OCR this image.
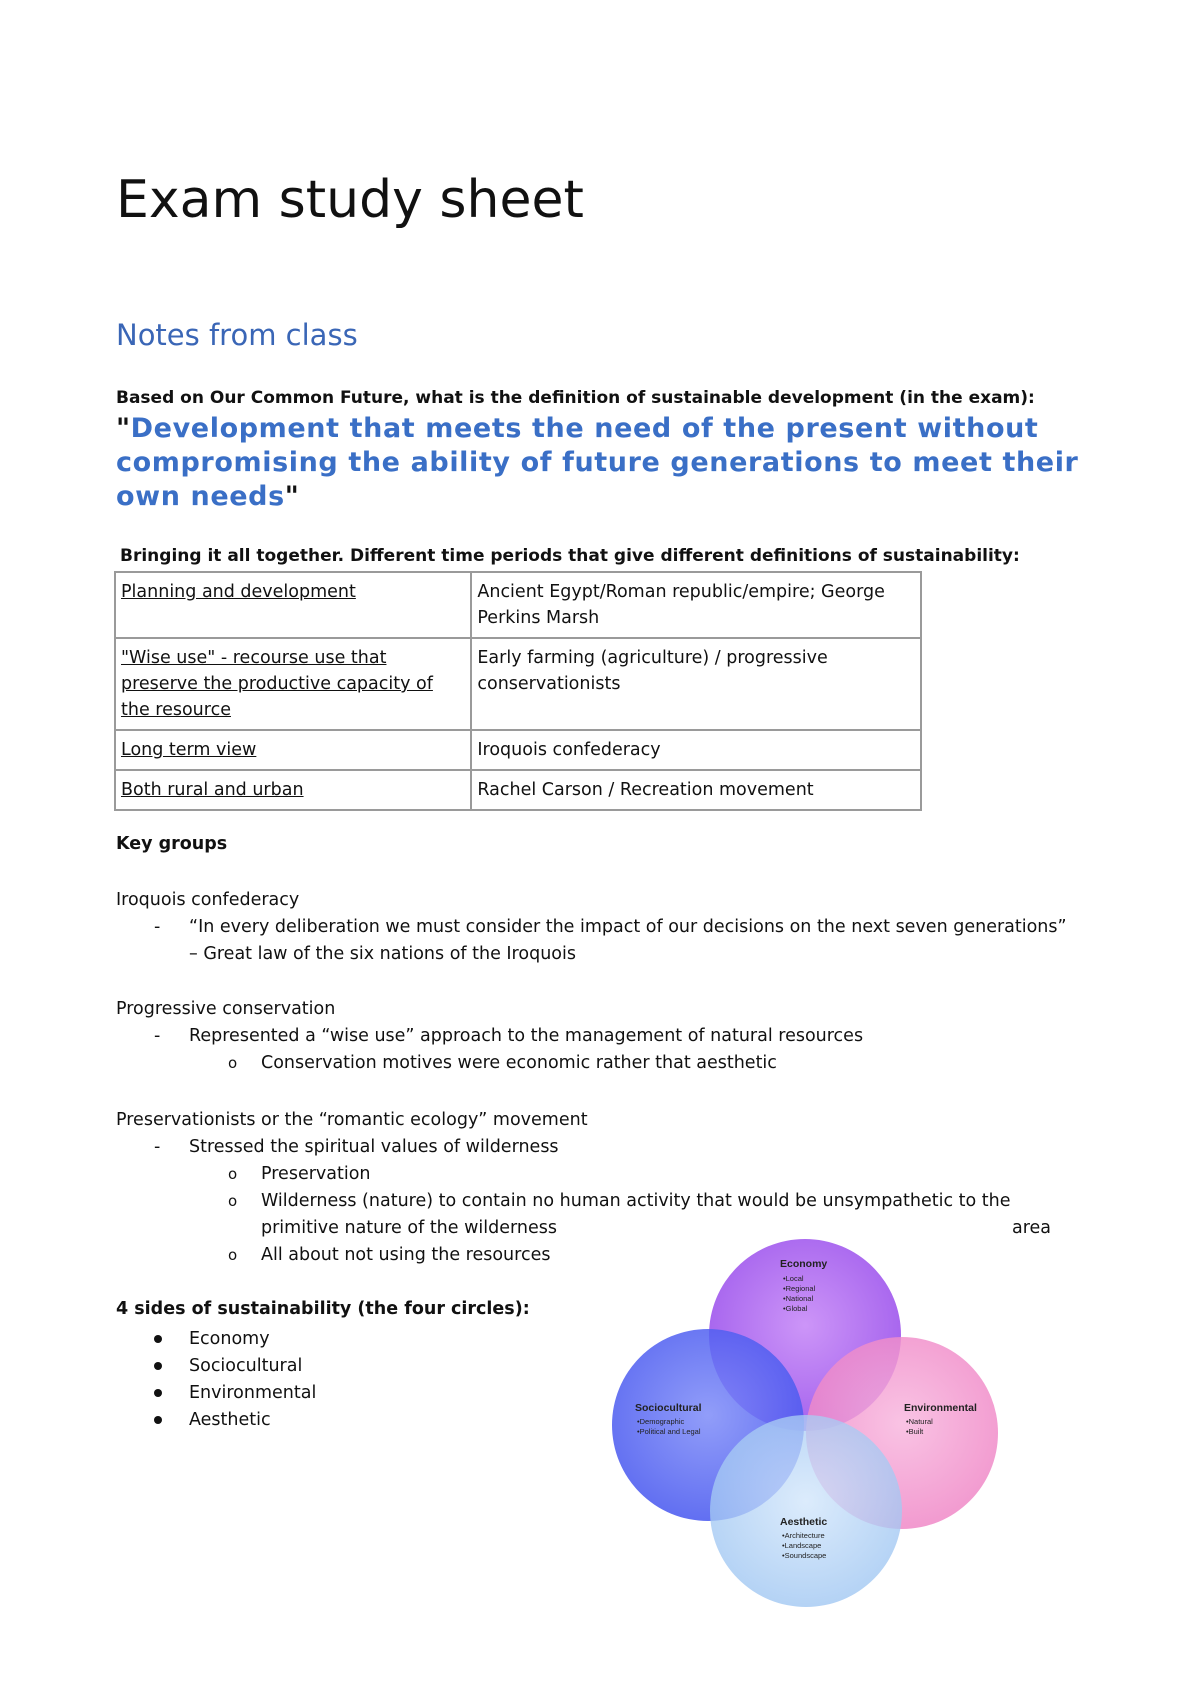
Exam study sheet
Notes from class
Based on Our Common Future, what is the definition of sustainable development (in the exam):
"Development that meets the need of the present without compromising the ability of future generations to meet their own needs"
Bringing it all together. Different time periods that give different definitions of sustainability:
Planning and development	Ancient Egypt/Roman republic/empire; George Perkins Marsh
"Wise use" - recourse use that preserve the productive capacity of the resource	Early farming (agriculture) / progressive conservationists
Long term view	Iroquois confederacy
Both rural and urban	Rachel Carson / Recreation movement
Key groups
Iroquois confederacy
- “In every deliberation we must consider the impact of our decisions on the next seven generations”
– Great law of the six nations of the Iroquois
Progressive conservation
- Represented a “wise use” approach to the management of natural resources
o Conservation motives were economic rather that aesthetic
Preservationists or the “romantic ecology” movement
- Stressed the spiritual values of wilderness
o Preservation
o Wilderness (nature) to contain no human activity that would be unsympathetic to the
primitive nature of the wilderness
o All about not using the resources
area
4 sides of sustainability (the four circles):
Economy
Sociocultural
Environmental
Aesthetic
Economy
•Local
•Regional
•National
•Global
Sociocultural
•Demographic
•Political and Legal
Environmental
•Natural
•Built
Aesthetic
•Architecture
•Landscape
•Soundscape
